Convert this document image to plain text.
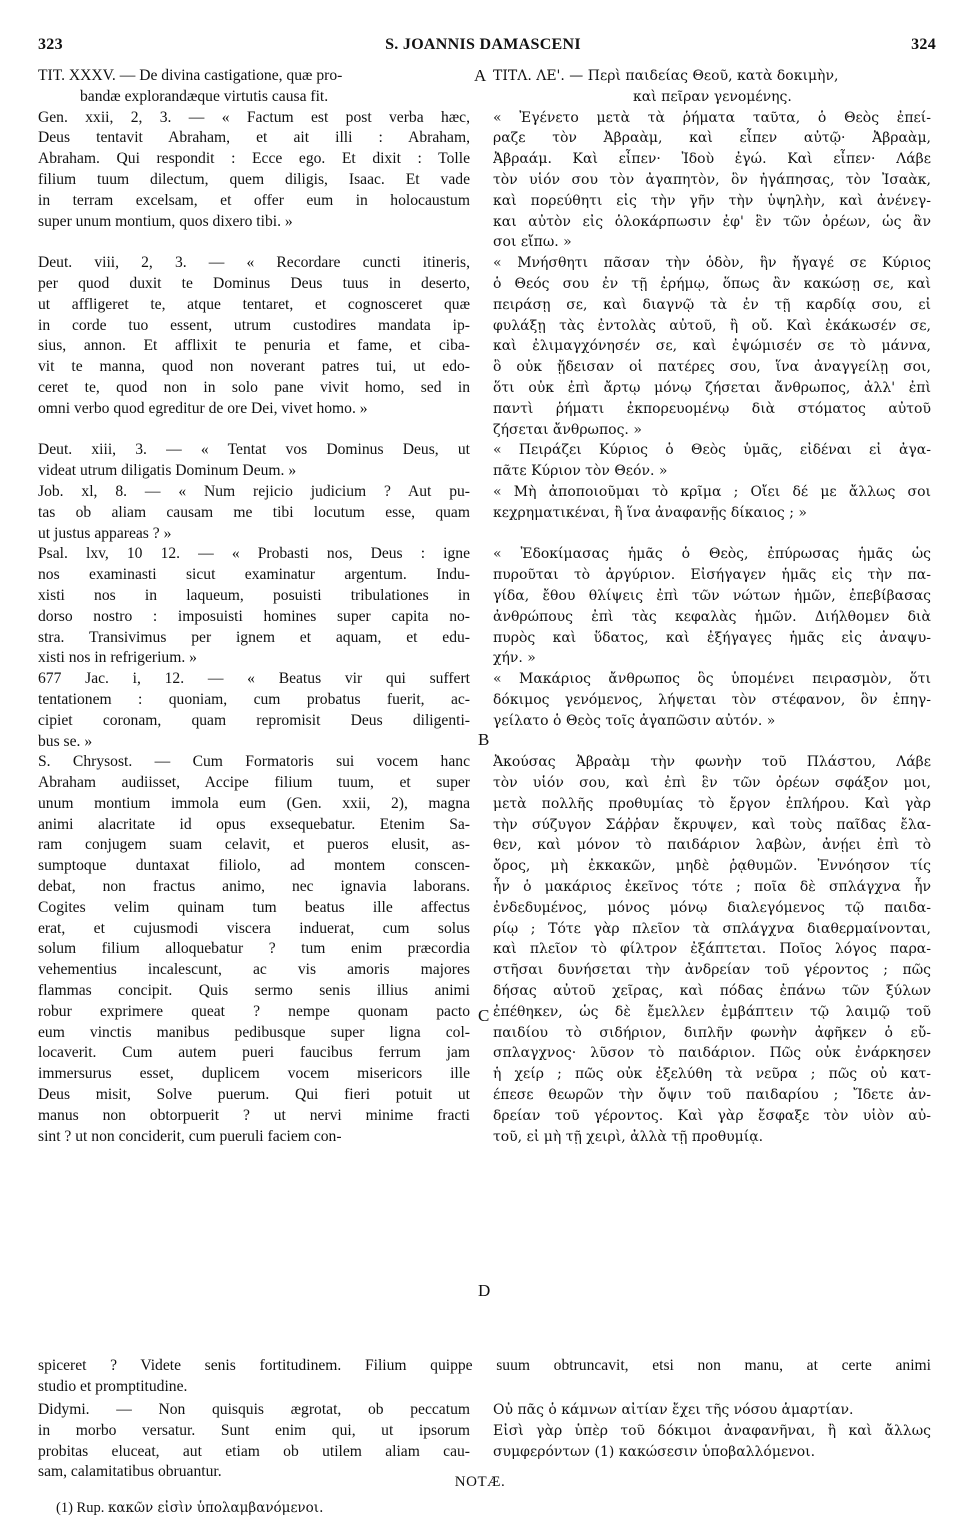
323	S. JOANNIS DAMASCENI	324
A
B
C
D
TIT. XXXV. — De divina castigatione, quæ pro-
bandæ explorandæque virtutis causa fit.
Gen. xxii, 2, 3. — « Factum est post verba hæc,
Deus tentavit Abraham, et ait illi : Abraham,
Abraham. Qui respondit : Ecce ego. Et dixit : Tolle
filium tuum dilectum, quem diligis, Isaac. Et vade
in terram excelsam, et offer eum in holocaustum
super unum montium, quos dixero tibi. »
Deut. viii, 2, 3. — « Recordare cuncti itineris,
per quod duxit te Dominus Deus tuus in deserto,
ut affligeret te, atque tentaret, et cognosceret quæ
in corde tuo essent, utrum custodires mandata ip-
sius, annon. Et afflixit te penuria et fame, et ciba-
vit te manna, quod non noverant patres tui, ut edo-
ceret te, quod non in solo pane vivit homo, sed in
omni verbo quod egreditur de ore Dei, vivet homo. »
Deut. xiii, 3. — « Tentat vos Dominus Deus, ut
videat utrum diligatis Dominum Deum. »
Job. xl, 8. — « Num rejicio judicium ? Aut pu-
tas ob aliam causam me tibi locutum esse, quam
ut justus appareas ? »
Psal. lxv, 10 12. — « Probasti nos, Deus : igne
nos examinasti sicut examinatur argentum. Indu-
xisti nos in laqueum, posuisti tribulationes in
dorso nostro : imposuisti homines super capita no-
stra. Transivimus per ignem et aquam, et edu-
xisti nos in refrigerium. »
677 Jac. i, 12. — « Beatus vir qui suffert
tentationem : quoniam, cum probatus fuerit, ac-
cipiet coronam, quam repromisit Deus diligenti-
bus se. »
S. Chrysost. — Cum Formatoris sui vocem hanc
Abraham audiisset, Accipe filium tuum, et super
unum montium immola eum (Gen. xxii, 2), magna
animi alacritate id opus exsequebatur. Etenim Sa-
ram conjugem suam celavit, et pueros elusit, as-
sumptoque duntaxat filiolo, ad montem conscen-
debat, non fractus animo, nec ignavia laborans.
Cogites velim quinam tum beatus ille affectus
erat, et cujusmodi viscera induerat, cum solus
solum filium alloquebatur ? tum enim præcordia
vehementius incalescunt, ac vis amoris majores
flammas concipit. Quis sermo senis illius animi
robur exprimere queat ? nempe quonam pacto
eum vinctis manibus pedibusque super ligna col-
locaverit. Cum autem pueri faucibus ferrum jam
immersurus esset, duplicem vocem misericors ille
Deus misit, Solve puerum. Qui fieri potuit ut
manus non obtorpuerit ? ut nervi minime fracti
sint ? ut non conciderit, cum pueruli faciem con-
ΤΙΤΛ. ΛΕ'. — Περὶ παιδείας Θεοῦ, κατὰ δοκιμὴν,
καὶ πεῖραν γενομένης.
« Ἐγένετο μετὰ τὰ ῥήματα ταῦτα, ὁ Θεὸς ἐπεί-
ραζε τὸν Ἀβραὰμ, καὶ εἶπεν αὐτῷ· Ἀβραὰμ,
Ἀβραάμ. Καὶ εἶπεν· Ἰδοὺ ἐγώ. Καὶ εἶπεν· Λάβε
τὸν υἱόν σου τὸν ἀγαπητὸν, ὃν ἠγάπησας, τὸν Ἰσαὰκ,
καὶ πορεύθητι εἰς τὴν γῆν τὴν ὑψηλὴν, καὶ ἀνένεγ-
και αὐτὸν εἰς ὁλοκάρπωσιν ἐφ' ἓν τῶν ὀρέων, ὡς ἂν
σοι εἴπω. »
« Μνήσθητι πᾶσαν τὴν ὁδὸν, ἣν ἤγαγέ σε Κύριος
ὁ Θεός σου ἐν τῇ ἐρήμῳ, ὅπως ἂν κακώσῃ σε, καὶ
πειράσῃ σε, καὶ διαγνῷ τὰ ἐν τῇ καρδίᾳ σου, εἰ
φυλάξῃ τὰς ἐντολὰς αὐτοῦ, ἢ οὔ. Καὶ ἐκάκωσέν σε,
καὶ ἐλιμαγχόνησέν σε, καὶ ἐψώμισέν σε τὸ μάννα,
ὃ οὐκ ᾔδεισαν οἱ πατέρες σου, ἵνα ἀναγγείλῃ σοι,
ὅτι οὐκ ἐπὶ ἄρτῳ μόνῳ ζήσεται ἄνθρωπος, ἀλλ' ἐπὶ
παντὶ ῥήματι ἐκπορευομένῳ διὰ στόματος αὐτοῦ
ζήσεται ἄνθρωπος. »
« Πειράζει Κύριος ὁ Θεὸς ὑμᾶς, εἰδέναι εἰ ἀγα-
πᾶτε Κύριον τὸν Θεόν. »
« Μὴ ἀποποιοῦμαι τὸ κρῖμα ; Οἴει δέ με ἄλλως σοι
κεχρηματικέναι, ἢ ἵνα ἀναφανῇς δίκαιος ; »
« Ἐδοκίμασας ἡμᾶς ὁ Θεὸς, ἐπύρωσας ἡμᾶς ὡς
πυροῦται τὸ ἀργύριον. Εἰσήγαγεν ἡμᾶς εἰς τὴν πα-
γίδα, ἔθου θλίψεις ἐπὶ τῶν νώτων ἡμῶν, ἐπεβίβασας
ἀνθρώπους ἐπὶ τὰς κεφαλὰς ἡμῶν. Διήλθομεν διὰ
πυρὸς καὶ ὕδατος, καὶ ἐξήγαγες ἡμᾶς εἰς ἀναψυ-
χήν. »
« Μακάριος ἄνθρωπος ὃς ὑπομένει πειρασμὸν, ὅτι
δόκιμος γενόμενος, λήψεται τὸν στέφανον, ὃν ἐπηγ-
γείλατο ὁ Θεὸς τοῖς ἀγαπῶσιν αὐτόν. »
Ἀκούσας Ἀβραὰμ τὴν φωνὴν τοῦ Πλάστου, Λάβε
τὸν υἱόν σου, καὶ ἐπὶ ἓν τῶν ὀρέων σφάξον μοι,
μετὰ πολλῆς προθυμίας τὸ ἔργον ἐπλήρου. Καὶ γὰρ
τὴν σύζυγον Σάῤῥαν ἔκρυψεν, καὶ τοὺς παῖδας ἔλα-
θεν, καὶ μόνον τὸ παιδάριον λαβὼν, ἀνῄει ἐπὶ τὸ
ὄρος, μὴ ἐκκακῶν, μηδὲ ῥᾳθυμῶν. Ἐννόησον τίς
ἦν ὁ μακάριος ἐκεῖνος τότε ; ποῖα δὲ σπλάγχνα ἦν
ἐνδεδυμένος, μόνος μόνῳ διαλεγόμενος τῷ παιδα-
ρίῳ ; Τότε γὰρ πλεῖον τὰ σπλάγχνα διαθερμαίνονται,
καὶ πλεῖον τὸ φίλτρον ἐξάπτεται. Ποῖος λόγος παρα-
στῆσαι δυνήσεται τὴν ἀνδρείαν τοῦ γέροντος ; πῶς
δήσας αὐτοῦ χεῖρας, καὶ πόδας ἐπάνω τῶν ξύλων
ἐπέθηκεν, ὡς δὲ ἔμελλεν ἐμβάπτειν τῷ λαιμῷ τοῦ
παιδίου τὸ σιδήριον, διπλῆν φωνὴν ἀφῆκεν ὁ εὔ-
σπλαγχνος· λῦσον τὸ παιδάριον. Πῶς οὐκ ἐνάρκησεν
ἡ χείρ ; πῶς οὐκ ἐξελύθη τὰ νεῦρα ; πῶς οὐ κατ-
έπεσε θεωρῶν τὴν ὄψιν τοῦ παιδαρίου ; Ἴδετε ἀν-
δρείαν τοῦ γέροντος. Καὶ γὰρ ἔσφαξε τὸν υἱὸν αὐ-
τοῦ, εἰ μὴ τῇ χειρὶ, ἀλλὰ τῇ προθυμίᾳ.
spiceret ? Videte senis fortitudinem. Filium quippe suum obtruncavit, etsi non manu, at certe animi
studio et promptitudine.
Didymi. — Non quisquis ægrotat, ob peccatum
in morbo versatur. Sunt enim qui, ut ipsorum
probitas eluceat, aut etiam ob utilem aliam cau-
sam, calamitatibus obruantur.
Οὐ πᾶς ὁ κάμνων αἰτίαν ἔχει τῆς νόσου ἁμαρτίαν.
Εἰσὶ γὰρ ὑπὲρ τοῦ δόκιμοι ἀναφανῆναι, ἢ καὶ ἄλλως
συμφερόντων (1) κακώσεσιν ὑποβαλλόμενοι.
NOTÆ.
(1) Rup. κακῶν εἰσὶν ὑπολαμβανόμενοι.
